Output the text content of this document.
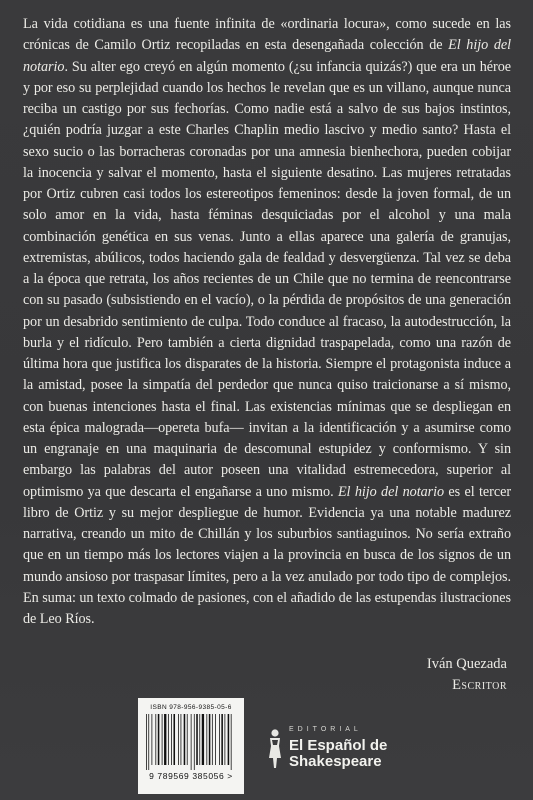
La vida cotidiana es una fuente infinita de «ordinaria locura», como sucede en las crónicas de Camilo Ortiz recopiladas en esta desengañada colección de El hijo del notario. Su alter ego creyó en algún momento (¿su infancia quizás?) que era un héroe y por eso su perplejidad cuando los hechos le revelan que es un villano, aunque nunca reciba un castigo por sus fechorías. Como nadie está a salvo de sus bajos instintos, ¿quién podría juzgar a este Charles Chaplin medio lascivo y medio santo? Hasta el sexo sucio o las borracheras coronadas por una amnesia bienhechora, pueden cobijar la inocencia y salvar el momento, hasta el siguiente desatino. Las mujeres retratadas por Ortiz cubren casi todos los estereotipos femeninos: desde la joven formal, de un solo amor en la vida, hasta féminas desquiciadas por el alcohol y una mala combinación genética en sus venas. Junto a ellas aparece una galería de granujas, extremistas, abúlicos, todos haciendo gala de fealdad y desvergüenza. Tal vez se deba a la época que retrata, los años recientes de un Chile que no termina de reencontrarse con su pasado (subsistiendo en el vacío), o la pérdida de propósitos de una generación por un desabrido sentimiento de culpa. Todo conduce al fracaso, la autodestrucción, la burla y el ridículo. Pero también a cierta dignidad traspapelada, como una razón de última hora que justifica los disparates de la historia. Siempre el protagonista induce a la amistad, posee la simpatía del perdedor que nunca quiso traicionarse a sí mismo, con buenas intenciones hasta el final. Las existencias mínimas que se despliegan en esta épica malograda—opereta bufa— invitan a la identificación y a asumirse como un engranaje en una maquinaria de descomunal estupidez y conformismo. Y sin embargo las palabras del autor poseen una vitalidad estremecedora, superior al optimismo ya que descarta el engañarse a uno mismo. El hijo del notario es el tercer libro de Ortiz y su mejor despliegue de humor. Evidencia ya una notable madurez narrativa, creando un mito de Chillán y los suburbios santiaguinos. No sería extraño que en un tiempo más los lectores viajen a la provincia en busca de los signos de un mundo ansioso por traspasar límites, pero a la vez anulado por todo tipo de complejos. En suma: un texto colmado de pasiones, con el añadido de las estupendas ilustraciones de Leo Ríos.

Iván Quezada
Escritor
ISBN 978-956-9385-05-6
9 789569 385056 >
EDITORIAL
El Español de
Shakespeare
